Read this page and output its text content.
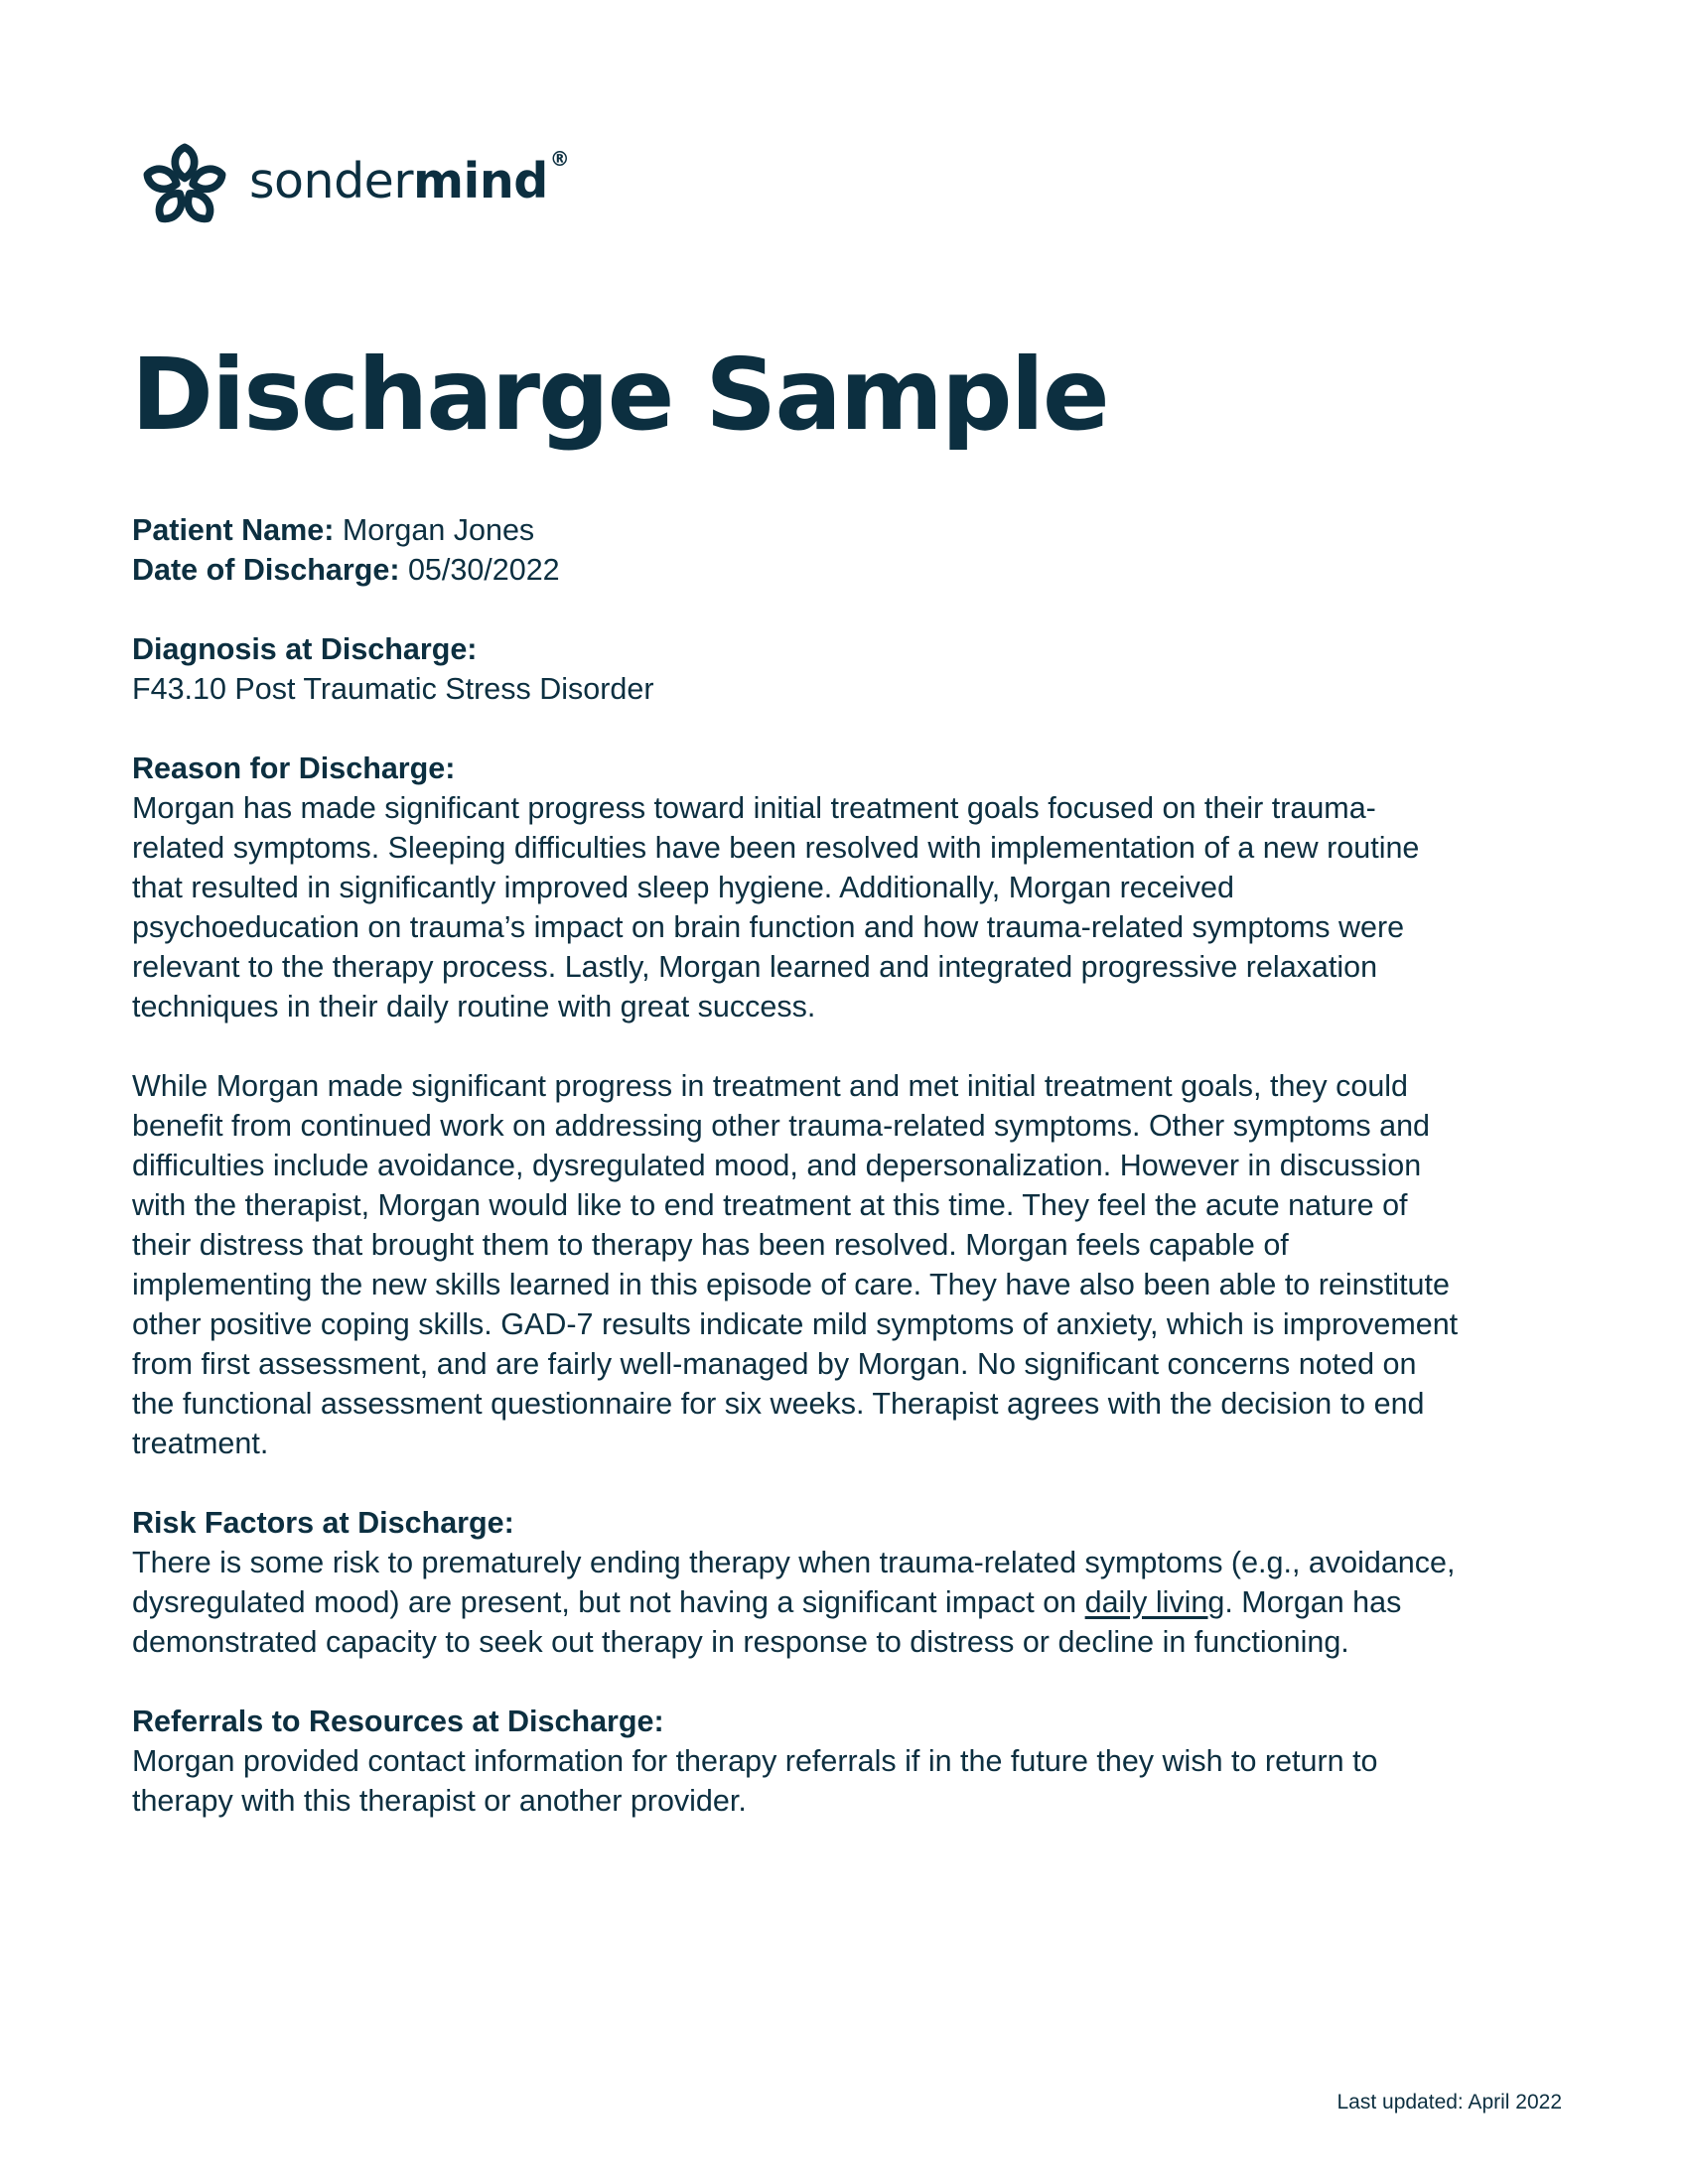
sondermind ®
Discharge Sample

Patient Name: Morgan Jones

Date of Discharge: 05/30/2022

Diagnosis at Discharge:

F43.10 Post Traumatic Stress Disorder

Reason for Discharge:

Morgan has made significant progress toward initial treatment goals focused on their trauma-related symptoms. Sleeping difficulties have been resolved with implementation of a new routine that resulted in significantly improved sleep hygiene. Additionally, Morgan received psychoeducation on trauma’s impact on brain function and how trauma-related symptoms were relevant to the therapy process. Lastly, Morgan learned and integrated progressive relaxation techniques in their daily routine with great success.

While Morgan made significant progress in treatment and met initial treatment goals, they could benefit from continued work on addressing other trauma-related symptoms. Other symptoms and difficulties include avoidance, dysregulated mood, and depersonalization. However in discussion with the therapist, Morgan would like to end treatment at this time. They feel the acute nature of their distress that brought them to therapy has been resolved. Morgan feels capable of implementing the new skills learned in this episode of care. They have also been able to reinstitute other positive coping skills. GAD-7 results indicate mild symptoms of anxiety, which is improvement from first assessment, and are fairly well-managed by Morgan. No significant concerns noted on the functional assessment questionnaire for six weeks. Therapist agrees with the decision to end treatment.

Risk Factors at Discharge:

There is some risk to prematurely ending therapy when trauma-related symptoms (e.g., avoidance, dysregulated mood) are present, but not having a significant impact on daily living. Morgan has demonstrated capacity to seek out therapy in response to distress or decline in functioning.

Referrals to Resources at Discharge:

Morgan provided contact information for therapy referrals if in the future they wish to return to therapy with this therapist or another provider.

Last updated: April 2022
